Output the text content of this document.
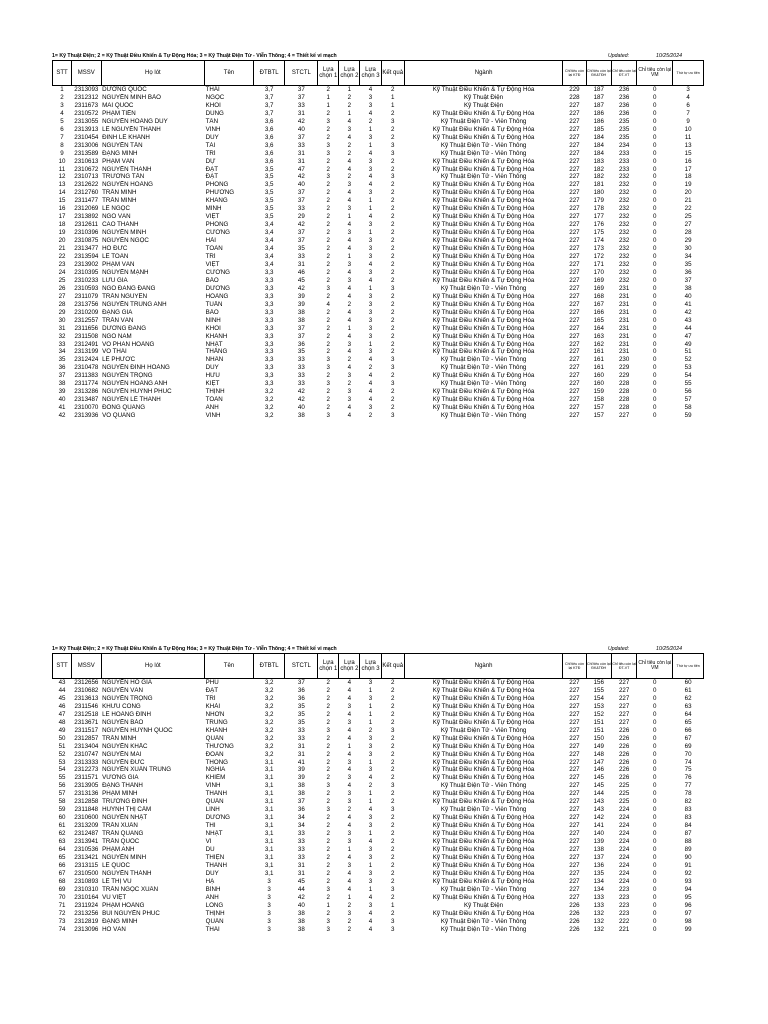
1= Kỹ Thuật Điện; 2 = Kỹ Thuật Điều Khiển & Tự Động Hóa; 3 = Kỹ Thuật Điện Tử - Viễn Thông; 4 = Thiết kế vi mạch	Updated:	10/25/2024
STT	MSSV	Họ lót	Tên	ĐTBTL	STCTL	Lựa chọn 1	Lựa chọn 2	Lựa chọn 3	Kết quả	Ngành	Chỉ tiêu còn lại KTĐ	Chỉ tiêu còn lại ĐK&TĐH	Chỉ tiêu còn lại ĐT-VT	Chỉ tiêu còn lại VM	Thứ tự ưu tiên
1	2313093	DƯƠNG QUỐC	THÁI	3,7	37	2	1	4	2	Kỹ Thuật Điều Khiển & Tự Động Hóa	229	187	236	0	3
2	2312312	NGUYỄN MINH BẢO	NGỌC	3,7	37	1	2	3	1	Kỹ Thuật Điện	228	187	236	0	4
3	2311673	MAI QUỐC	KHÔI	3,7	33	1	2	3	1	Kỹ Thuật Điện	227	187	236	0	6
4	2310572	PHẠM TIẾN	DŨNG	3,7	31	2	1	4	2	Kỹ Thuật Điều Khiển & Tự Động Hóa	227	186	236	0	7
5	2313055	NGUYỄN HOÀNG DUY	TÂN	3,6	42	3	4	2	3	Kỹ Thuật Điện Tử - Viễn Thông	227	186	235	0	9
6	2313913	LÊ NGUYỄN THÀNH	VINH	3,6	40	2	3	1	2	Kỹ Thuật Điều Khiển & Tự Động Hóa	227	185	235	0	10
7	2310454	ĐINH LÊ KHÁNH	DUY	3,6	37	2	4	3	2	Kỹ Thuật Điều Khiển & Tự Động Hóa	227	184	235	0	11
8	2313006	NGUYỄN TẤN	TÀI	3,6	33	3	2	1	3	Kỹ Thuật Điện Tử - Viễn Thông	227	184	234	0	13
9	2313589	ĐẶNG MINH	TRÍ	3,6	31	3	2	4	3	Kỹ Thuật Điện Tử - Viễn Thông	227	184	233	0	15
10	2310613	PHẠM VĂN	DỰ	3,6	31	2	4	3	2	Kỹ Thuật Điều Khiển & Tự Động Hóa	227	183	233	0	16
11	2310672	NGUYỄN THANH	ĐẠT	3,5	47	2	4	3	2	Kỹ Thuật Điều Khiển & Tự Động Hóa	227	182	233	0	17
12	2310713	TRƯƠNG TẤN	ĐẠT	3,5	42	3	2	4	3	Kỹ Thuật Điện Tử - Viễn Thông	227	182	232	0	18
13	2312622	NGUYỄN HOÀNG	PHONG	3,5	40	2	3	4	2	Kỹ Thuật Điều Khiển & Tự Động Hóa	227	181	232	0	19
14	2312760	TRẦN MINH	PHƯƠNG	3,5	37	2	4	3	2	Kỹ Thuật Điều Khiển & Tự Động Hóa	227	180	232	0	20
15	2311477	TRẦN MINH	KHANG	3,5	37	2	4	1	2	Kỹ Thuật Điều Khiển & Tự Động Hóa	227	179	232	0	21
16	2312069	LÊ NGỌC	MINH	3,5	33	2	3	1	2	Kỹ Thuật Điều Khiển & Tự Động Hóa	227	178	232	0	22
17	2313892	NGÔ VĂN	VIỆT	3,5	29	2	1	4	2	Kỹ Thuật Điều Khiển & Tự Động Hóa	227	177	232	0	25
18	2312611	CAO THANH	PHONG	3,4	42	2	4	3	2	Kỹ Thuật Điều Khiển & Tự Động Hóa	227	176	232	0	27
19	2310396	NGUYỄN MINH	CƯỜNG	3,4	37	2	3	1	2	Kỹ Thuật Điều Khiển & Tự Động Hóa	227	175	232	0	28
20	2310875	NGUYỄN NGỌC	HẢI	3,4	37	2	4	3	2	Kỹ Thuật Điều Khiển & Tự Động Hóa	227	174	232	0	29
21	2313477	HỒ ĐỨC	TOÀN	3,4	35	2	4	3	2	Kỹ Thuật Điều Khiển & Tự Động Hóa	227	173	232	0	30
22	2313594	LÊ TOÀN	TRÍ	3,4	33	2	1	3	2	Kỹ Thuật Điều Khiển & Tự Động Hóa	227	172	232	0	34
23	2313902	PHẠM VĂN	VIỆT	3,4	31	2	3	4	2	Kỹ Thuật Điều Khiển & Tự Động Hóa	227	171	232	0	35
24	2310395	NGUYỄN MẠNH	CƯỜNG	3,3	46	2	4	3	2	Kỹ Thuật Điều Khiển & Tự Động Hóa	227	170	232	0	36
25	2310233	LƯU GIA	BẢO	3,3	45	2	3	4	2	Kỹ Thuật Điều Khiển & Tự Động Hóa	227	169	232	0	37
26	2310593	NGÔ ĐĂNG ĐĂNG	DƯƠNG	3,3	42	3	4	1	3	Kỹ Thuật Điện Tử - Viễn Thông	227	169	231	0	38
27	2311079	TRẦN NGUYÊN	HOÀNG	3,3	39	2	4	3	2	Kỹ Thuật Điều Khiển & Tự Động Hóa	227	168	231	0	40
28	2313756	NGUYỄN TRUNG ANH	TUẤN	3,3	39	4	2	3	2	Kỹ Thuật Điều Khiển & Tự Động Hóa	227	167	231	0	41
29	2310209	ĐẶNG GIA	BẢO	3,3	38	2	4	3	2	Kỹ Thuật Điều Khiển & Tự Động Hóa	227	166	231	0	42
30	2312557	TRẦN VĂN	NINH	3,3	38	2	4	3	2	Kỹ Thuật Điều Khiển & Tự Động Hóa	227	165	231	0	43
31	2311656	DƯƠNG ĐĂNG	KHÔI	3,3	37	2	1	3	2	Kỹ Thuật Điều Khiển & Tự Động Hóa	227	164	231	0	44
32	2311508	NGÔ NAM	KHÁNH	3,3	37	2	4	3	2	Kỹ Thuật Điều Khiển & Tự Động Hóa	227	163	231	0	47
33	2312491	VÕ PHAN HOÀNG	NHẬT	3,3	36	2	3	1	2	Kỹ Thuật Điều Khiển & Tự Động Hóa	227	162	231	0	49
34	2313199	VÕ THÁI	THẮNG	3,3	35	2	4	3	2	Kỹ Thuật Điều Khiển & Tự Động Hóa	227	161	231	0	51
35	2312424	LÊ PHƯỚC	NHÂN	3,3	33	3	2	4	3	Kỹ Thuật Điện Tử - Viễn Thông	227	161	230	0	52
36	2310478	NGUYỄN ĐÌNH HOÀNG	DUY	3,3	33	3	4	2	3	Kỹ Thuật Điện Tử - Viễn Thông	227	161	229	0	53
37	2311383	NGUYỄN TRỌNG	HỮU	3,3	33	2	3	4	2	Kỹ Thuật Điều Khiển & Tự Động Hóa	227	160	229	0	54
38	2311774	NGUYỄN HOÀNG ANH	KIỆT	3,3	33	3	2	4	3	Kỹ Thuật Điện Tử - Viễn Thông	227	160	228	0	55
39	2313286	NGUYỄN HUỲNH PHÚC	THỊNH	3,2	42	2	3	4	2	Kỹ Thuật Điều Khiển & Tự Động Hóa	227	159	228	0	56
40	2313487	NGUYỄN LÊ THANH	TOÀN	3,2	42	2	3	4	2	Kỹ Thuật Điều Khiển & Tự Động Hóa	227	158	228	0	57
41	2310070	ĐỒNG QUANG	ANH	3,2	40	2	4	3	2	Kỹ Thuật Điều Khiển & Tự Động Hóa	227	157	228	0	58
42	2313936	VÕ QUANG	VINH	3,2	38	3	4	2	3	Kỹ Thuật Điện Tử - Viễn Thông	227	157	227	0	59
1= Kỹ Thuật Điện; 2 = Kỹ Thuật Điều Khiển & Tự Động Hóa; 3 = Kỹ Thuật Điện Tử - Viễn Thông; 4 = Thiết kế vi mạch	Updated:	10/25/2024
STT	MSSV	Họ lót	Tên	ĐTBTL	STCTL	Lựa chọn 1	Lựa chọn 2	Lựa chọn 3	Kết quả	Ngành	Chỉ tiêu còn lại KTĐ	Chỉ tiêu còn lại ĐK&TĐH	Chỉ tiêu còn lại ĐT-VT	Chỉ tiêu còn lại VM	Thứ tự ưu tiên
43	2312656	NGUYỄN HỒ GIA	PHÚ	3,2	37	2	4	3	2	Kỹ Thuật Điều Khiển & Tự Động Hóa	227	156	227	0	60
44	2310682	NGUYỄN VĂN	ĐẠT	3,2	36	2	4	1	2	Kỹ Thuật Điều Khiển & Tự Động Hóa	227	155	227	0	61
45	2313613	NGUYỄN TRỌNG	TRÍ	3,2	36	2	4	3	2	Kỹ Thuật Điều Khiển & Tự Động Hóa	227	154	227	0	62
46	2311546	KHƯU CÔNG	KHẢI	3,2	35	2	3	1	2	Kỹ Thuật Điều Khiển & Tự Động Hóa	227	153	227	0	63
47	2312518	LÊ HOÀNG ĐÌNH	NHƠN	3,2	35	2	4	1	2	Kỹ Thuật Điều Khiển & Tự Động Hóa	227	152	227	0	64
48	2313671	NGUYỄN BẢO	TRUNG	3,2	35	2	3	1	2	Kỹ Thuật Điều Khiển & Tự Động Hóa	227	151	227	0	65
49	2311517	NGUYỄN HUỲNH QUỐC	KHÁNH	3,2	33	3	4	2	3	Kỹ Thuật Điện Tử - Viễn Thông	227	151	226	0	66
50	2312857	TRẦN MINH	QUÂN	3,2	33	2	4	3	2	Kỹ Thuật Điều Khiển & Tự Động Hóa	227	150	226	0	67
51	2313404	NGUYỄN KHẮC	THƯỜNG	3,2	31	2	1	3	2	Kỹ Thuật Điều Khiển & Tự Động Hóa	227	149	226	0	69
52	2310747	NGUYỄN MAI	ĐOAN	3,2	31	2	4	3	2	Kỹ Thuật Điều Khiển & Tự Động Hóa	227	148	226	0	70
53	2313333	NGUYỄN ĐỨC	THÔNG	3,1	41	2	3	1	2	Kỹ Thuật Điều Khiển & Tự Động Hóa	227	147	226	0	74
54	2312273	NGUYỄN XUÂN TRUNG	NGHĨA	3,1	39	2	4	3	2	Kỹ Thuật Điều Khiển & Tự Động Hóa	227	146	226	0	75
55	2311571	VƯƠNG GIA	KHIÊM	3,1	39	2	3	4	2	Kỹ Thuật Điều Khiển & Tự Động Hóa	227	145	226	0	76
56	2313905	ĐẶNG THÀNH	VINH	3,1	38	3	4	2	3	Kỹ Thuật Điện Tử - Viễn Thông	227	145	225	0	77
57	2313136	PHẠM MINH	THÀNH	3,1	38	2	3	1	2	Kỹ Thuật Điều Khiển & Tự Động Hóa	227	144	225	0	78
58	2312858	TRƯƠNG ĐÌNH	QUÂN	3,1	37	2	3	1	2	Kỹ Thuật Điều Khiển & Tự Động Hóa	227	143	225	0	82
59	2311848	HUỲNH THỊ CẨM	LINH	3,1	36	3	2	4	3	Kỹ Thuật Điện Tử - Viễn Thông	227	143	224	0	83
60	2310600	NGUYỄN NHẬT	DƯƠNG	3,1	34	2	4	3	2	Kỹ Thuật Điều Khiển & Tự Động Hóa	227	142	224	0	83
61	2313209	TRẦN XUÂN	THI	3,1	34	2	4	3	2	Kỹ Thuật Điều Khiển & Tự Động Hóa	227	141	224	0	84
62	2312487	TRẦN QUANG	NHẬT	3,1	33	2	3	1	2	Kỹ Thuật Điều Khiển & Tự Động Hóa	227	140	224	0	87
63	2313941	TRẦN QUỐC	VĨ	3,1	33	2	3	4	2	Kỹ Thuật Điều Khiển & Tự Động Hóa	227	139	224	0	88
64	2310536	PHẠM ANH	DŨ	3,1	33	2	1	3	2	Kỹ Thuật Điều Khiển & Tự Động Hóa	227	138	224	0	89
65	2313421	NGUYỄN MINH	THIỆN	3,1	33	2	4	3	2	Kỹ Thuật Điều Khiển & Tự Động Hóa	227	137	224	0	90
66	2313115	LÊ QUỐC	THÀNH	3,1	31	2	3	1	2	Kỹ Thuật Điều Khiển & Tự Động Hóa	227	136	224	0	91
67	2310500	NGUYỄN THÀNH	DUY	3,1	31	2	4	3	2	Kỹ Thuật Điều Khiển & Tự Động Hóa	227	135	224	0	92
68	2310893	LÊ THỊ VŨ	HẠ	3	45	2	4	3	2	Kỹ Thuật Điều Khiển & Tự Động Hóa	227	134	224	0	93
69	2310310	TRẦN NGỌC XUÂN	BÌNH	3	44	3	4	1	3	Kỹ Thuật Điện Tử - Viễn Thông	227	134	223	0	94
70	2310164	VŨ VIỆT	ANH	3	42	2	1	4	2	Kỹ Thuật Điều Khiển & Tự Động Hóa	227	133	223	0	95
71	2311924	PHẠM HOÀNG	LONG	3	40	1	2	3	1	Kỹ Thuật Điện	226	133	223	0	96
72	2313256	BÙI NGUYỄN PHÚC	THỊNH	3	38	2	3	4	2	Kỹ Thuật Điều Khiển & Tự Động Hóa	226	132	223	0	97
73	2312819	ĐẶNG MINH	QUÂN	3	38	3	2	4	3	Kỹ Thuật Điện Tử - Viễn Thông	226	132	222	0	98
74	2313096	HỒ VĂN	THÁI	3	38	3	2	4	3	Kỹ Thuật Điện Tử - Viễn Thông	226	132	221	0	99
